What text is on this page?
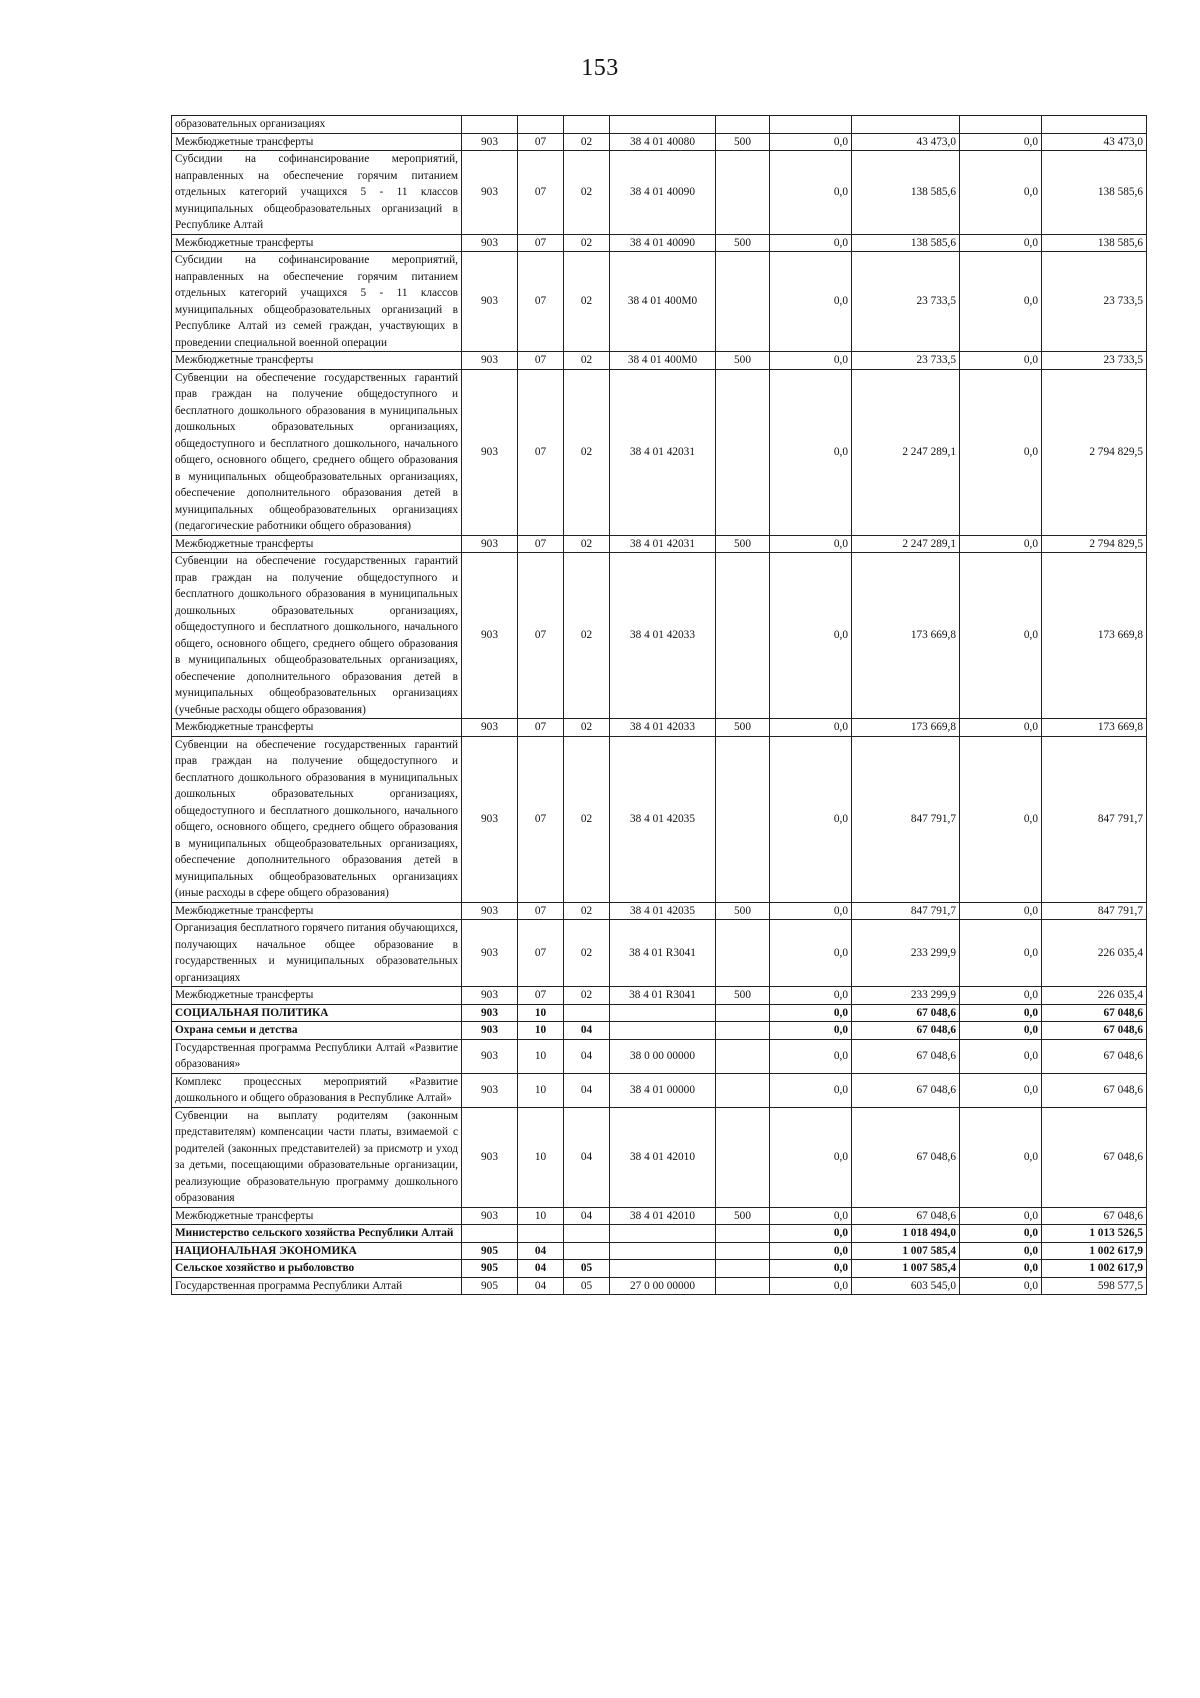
153
образовательных организациях									
Межбюджетные трансферты	903	07	02	38 4 01 40080	500	0,0	43 473,0	0,0	43 473,0
Субсидии на софинансирование мероприятий, направленных на обеспечение горячим питанием отдельных категорий учащихся 5 - 11 классов муниципальных общеобразовательных организаций в Республике Алтай	903	07	02	38 4 01 40090		0,0	138 585,6	0,0	138 585,6
Межбюджетные трансферты	903	07	02	38 4 01 40090	500	0,0	138 585,6	0,0	138 585,6
Субсидии на софинансирование мероприятий, направленных на обеспечение горячим питанием отдельных категорий учащихся 5 - 11 классов муниципальных общеобразовательных организаций в Республике Алтай из семей граждан, участвующих в проведении специальной военной операции	903	07	02	38 4 01 400М0		0,0	23 733,5	0,0	23 733,5
Межбюджетные трансферты	903	07	02	38 4 01 400М0	500	0,0	23 733,5	0,0	23 733,5
Субвенции на обеспечение государственных гарантий прав граждан на получение общедоступного и бесплатного дошкольного образования в муниципальных дошкольных образовательных организациях, общедоступного и бесплатного дошкольного, начального общего, основного общего, среднего общего образования в муниципальных общеобразовательных организациях, обеспечение дополнительного образования детей в муниципальных общеобразовательных организациях (педагогические работники общего образования)	903	07	02	38 4 01 42031		0,0	2 247 289,1	0,0	2 794 829,5
Межбюджетные трансферты	903	07	02	38 4 01 42031	500	0,0	2 247 289,1	0,0	2 794 829,5
Субвенции на обеспечение государственных гарантий прав граждан на получение общедоступного и бесплатного дошкольного образования в муниципальных дошкольных образовательных организациях, общедоступного и бесплатного дошкольного, начального общего, основного общего, среднего общего образования в муниципальных общеобразовательных организациях, обеспечение дополнительного образования детей в муниципальных общеобразовательных организациях (учебные расходы общего образования)	903	07	02	38 4 01 42033		0,0	173 669,8	0,0	173 669,8
Межбюджетные трансферты	903	07	02	38 4 01 42033	500	0,0	173 669,8	0,0	173 669,8
Субвенции на обеспечение государственных гарантий прав граждан на получение общедоступного и бесплатного дошкольного образования в муниципальных дошкольных образовательных организациях, общедоступного и бесплатного дошкольного, начального общего, основного общего, среднего общего образования в муниципальных общеобразовательных организациях, обеспечение дополнительного образования детей в муниципальных общеобразовательных организациях (иные расходы в сфере общего образования)	903	07	02	38 4 01 42035		0,0	847 791,7	0,0	847 791,7
Межбюджетные трансферты	903	07	02	38 4 01 42035	500	0,0	847 791,7	0,0	847 791,7
Организация бесплатного горячего питания обучающихся, получающих начальное общее образование в государственных и муниципальных образовательных организациях	903	07	02	38 4 01 R3041		0,0	233 299,9	0,0	226 035,4
Межбюджетные трансферты	903	07	02	38 4 01 R3041	500	0,0	233 299,9	0,0	226 035,4
СОЦИАЛЬНАЯ ПОЛИТИКА	903	10				0,0	67 048,6	0,0	67 048,6
Охрана семьи и детства	903	10	04			0,0	67 048,6	0,0	67 048,6
Государственная программа Республики Алтай «Развитие образования»	903	10	04	38 0 00 00000		0,0	67 048,6	0,0	67 048,6
Комплекс процессных мероприятий «Развитие дошкольного и общего образования в Республике Алтай»	903	10	04	38 4 01 00000		0,0	67 048,6	0,0	67 048,6
Субвенции на выплату родителям (законным представителям) компенсации части платы, взимаемой с родителей (законных представителей) за присмотр и уход за детьми, посещающими образовательные организации, реализующие образовательную программу дошкольного образования	903	10	04	38 4 01 42010		0,0	67 048,6	0,0	67 048,6
Межбюджетные трансферты	903	10	04	38 4 01 42010	500	0,0	67 048,6	0,0	67 048,6
Министерство сельского хозяйства Республики Алтай						0,0	1 018 494,0	0,0	1 013 526,5
НАЦИОНАЛЬНАЯ ЭКОНОМИКА	905	04				0,0	1 007 585,4	0,0	1 002 617,9
Сельское хозяйство и рыболовство	905	04	05			0,0	1 007 585,4	0,0	1 002 617,9
Государственная программа Республики Алтай	905	04	05	27 0 00 00000		0,0	603 545,0	0,0	598 577,5
